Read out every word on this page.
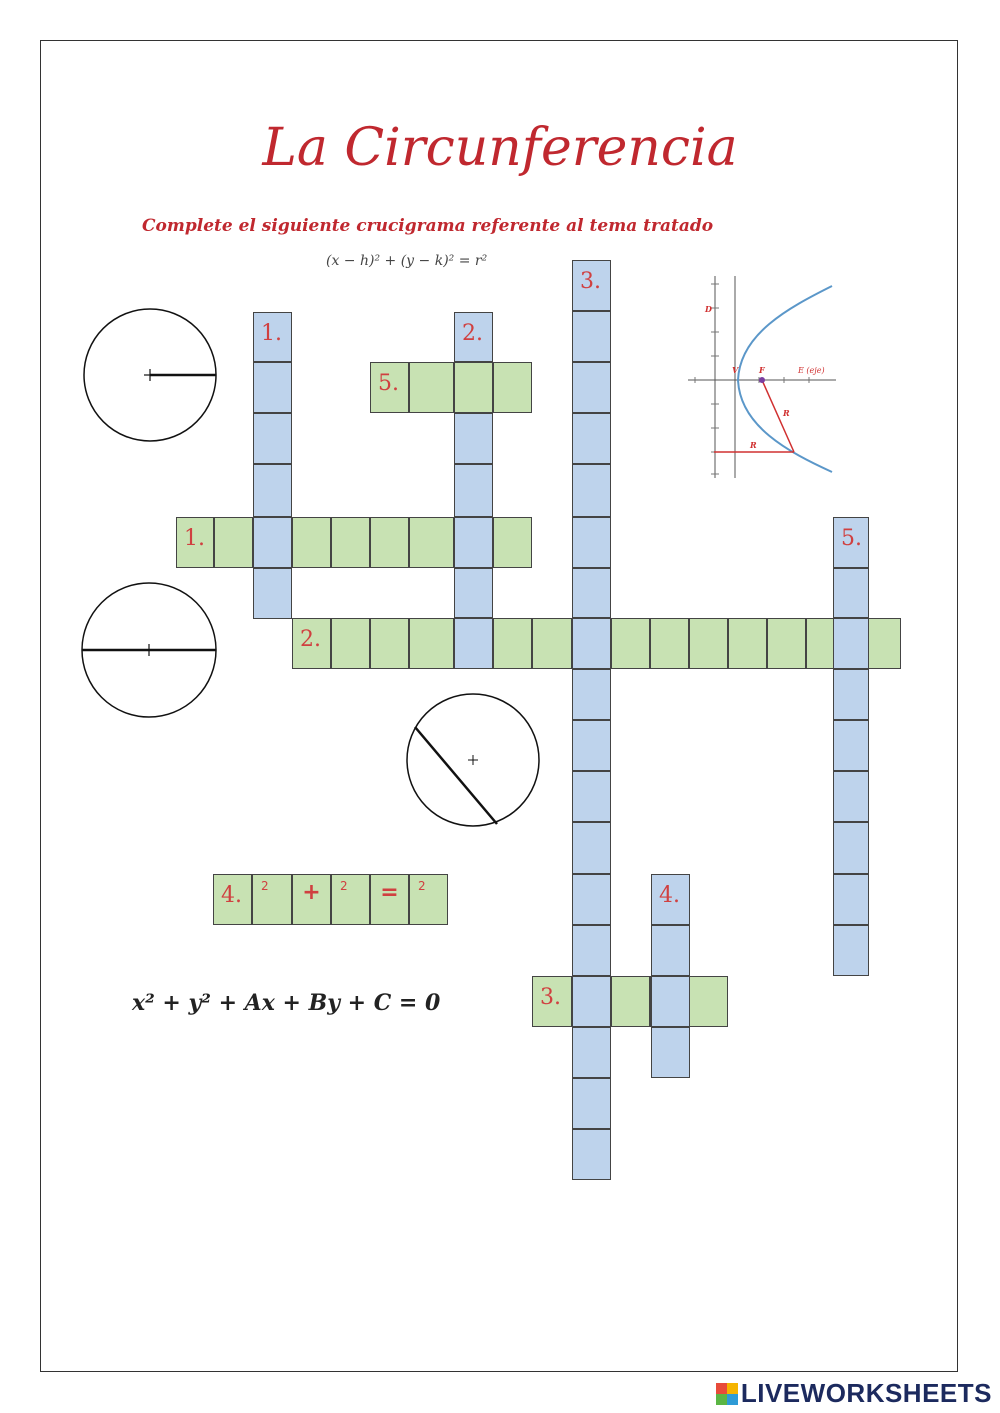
La Circunferencia
Complete el siguiente crucigrama referente al tema tratado
(x − h)² + (y − k)² = r²
x² + y² + Ax + By + C = 0
D
V	F	E (eje)
R
R
1.
2.
3.
4. 2	+	2	=	2
5.
1.	2.
3.
4.
5.
LIVEWORKSHEETS
